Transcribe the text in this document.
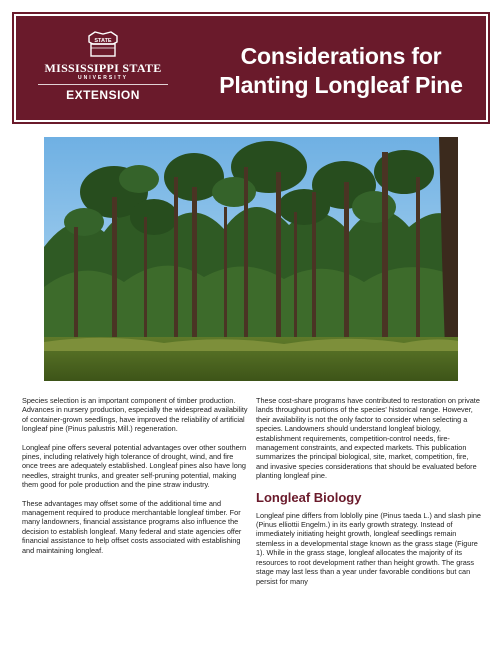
STATE
MISSISSIPPI STATE
UNIVERSITY
EXTENSION
Considerations for
Planting Longleaf Pine

Species selection is an important component of timber production. Advances in nursery production, especially the widespread availability of container-grown seedlings, have improved the reliability of artificial longleaf pine (Pinus palustris Mill.) regeneration.

Longleaf pine offers several potential advantages over other southern pines, including relatively high tolerance of drought, wind, and fire once trees are adequately established. Longleaf pines also have long needles, straight trunks, and greater self-pruning potential, making them good for pole production and the pine straw industry.

These advantages may offset some of the additional time and management required to produce merchantable longleaf timber. For many landowners, financial assistance programs also influence the decision to establish longleaf. Many federal and state agencies offer financial assistance to help offset costs associated with establishing and maintaining longleaf.

These cost-share programs have contributed to restoration on private lands throughout portions of the species' historical range. However, their availability is not the only factor to consider when selecting a species. Landowners should understand longleaf biology, establishment requirements, competition-control needs, fire-management constraints, and expected markets. This publication summarizes the principal biological, site, market, competition, fire, and invasive species considerations that should be evaluated before planting longleaf pine.

Longleaf Biology

Longleaf pine differs from loblolly pine (Pinus taeda L.) and slash pine (Pinus elliottii Engelm.) in its early growth strategy. Instead of immediately initiating height growth, longleaf seedlings remain stemless in a developmental stage known as the grass stage (Figure 1). While in the grass stage, longleaf allocates the majority of its resources to root development rather than height growth. The grass stage may last less than a year under favorable conditions but can persist for many
